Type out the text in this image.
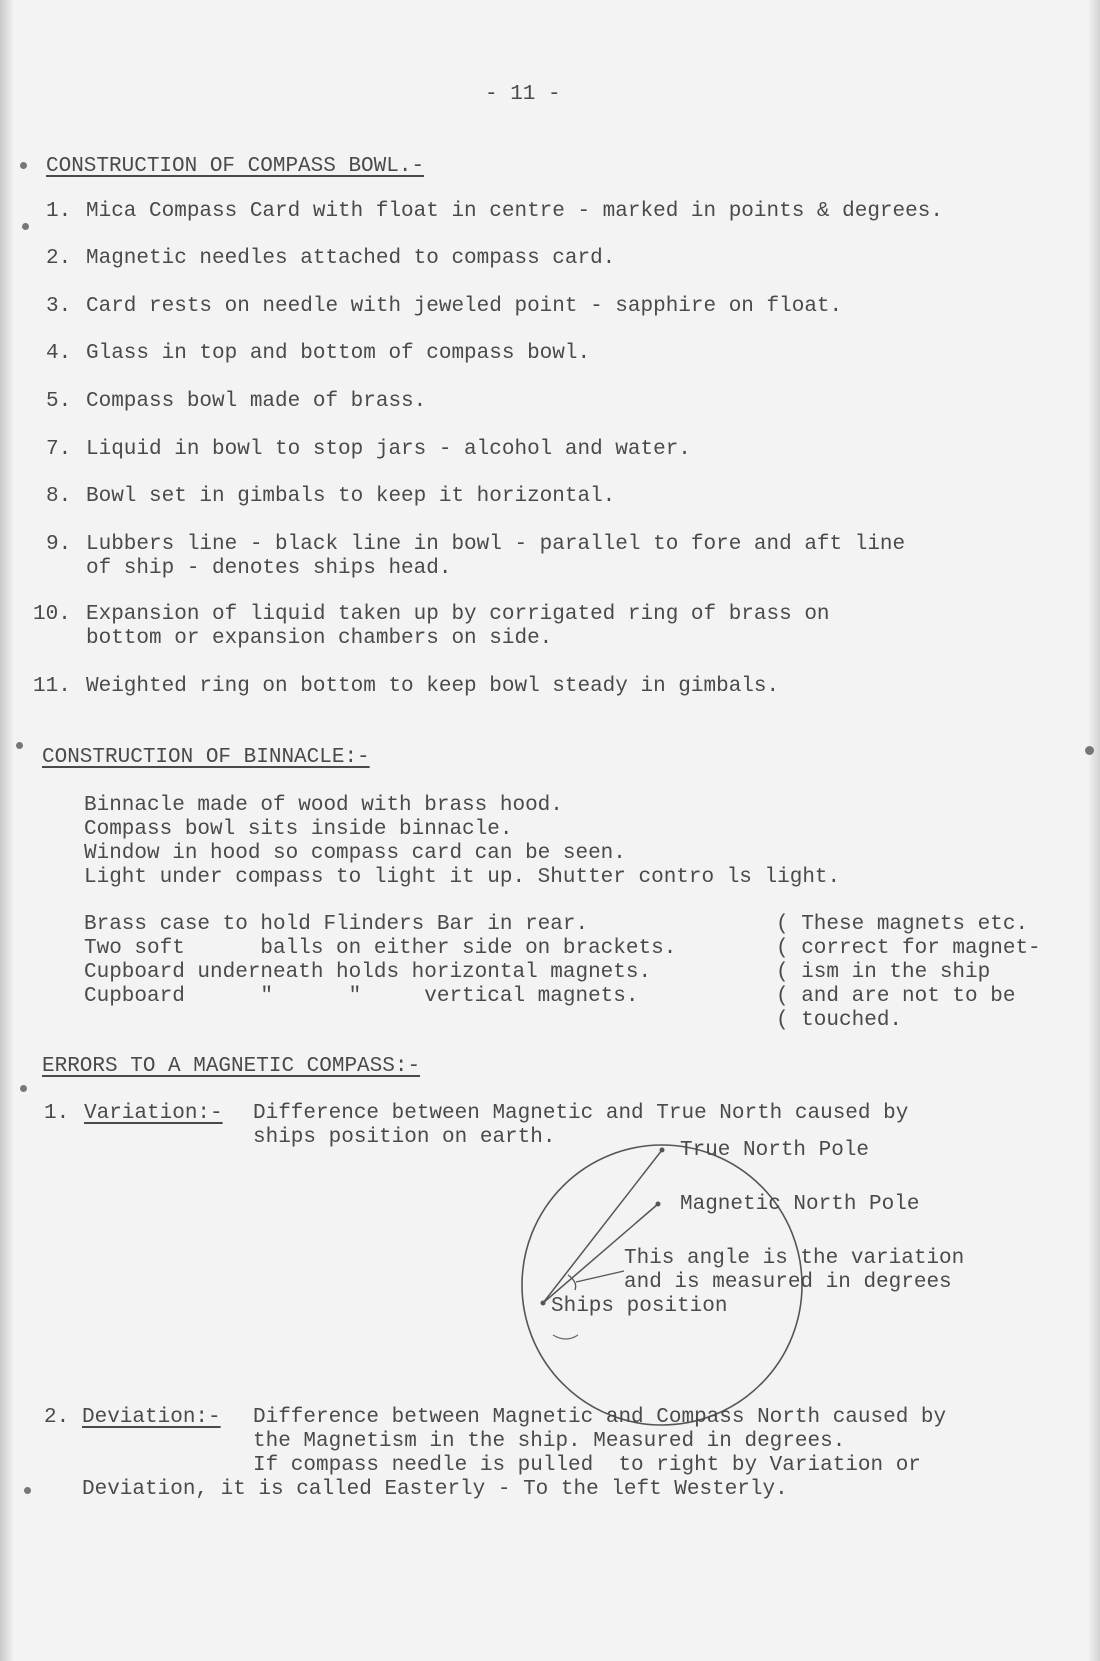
- 11 -
CONSTRUCTION OF COMPASS BOWL.-
1. Mica Compass Card with float in centre - marked in points & degrees.
2. Magnetic needles attached to compass card.
3. Card rests on needle with jeweled point - sapphire on float.
4. Glass in top and bottom of compass bowl.
5. Compass bowl made of brass.
7. Liquid in bowl to stop jars - alcohol and water.
8. Bowl set in gimbals to keep it horizontal.
9. Lubbers line - black line in bowl - parallel to fore and aft line
of ship - denotes ships head.
10. Expansion of liquid taken up by corrigated ring of brass on
bottom or expansion chambers on side.
11. Weighted ring on bottom to keep bowl steady in gimbals.
CONSTRUCTION OF BINNACLE:-
Binnacle made of wood with brass hood.
Compass bowl sits inside binnacle.
Window in hood so compass card can be seen.
Light under compass to light it up. Shutter contro ls light.
Brass case to hold Flinders Bar in rear.
Two soft      balls on either side on brackets.
Cupboard underneath holds horizontal magnets.
Cupboard      "      "     vertical magnets.
( These magnets etc.
( correct for magnet-
( ism in the ship
( and are not to be
( touched.
ERRORS TO A MAGNETIC COMPASS:-
1. Variation:- Difference between Magnetic and True North caused by
ships position on earth.
True North Pole
Magnetic North Pole
This angle is the variation
and is measured in degrees
Ships position
2. Deviation:- Difference between Magnetic and Compass North caused by
the Magnetism in the ship. Measured in degrees.
If compass needle is pulled  to right by Variation or
Deviation, it is called Easterly - To the left Westerly.
